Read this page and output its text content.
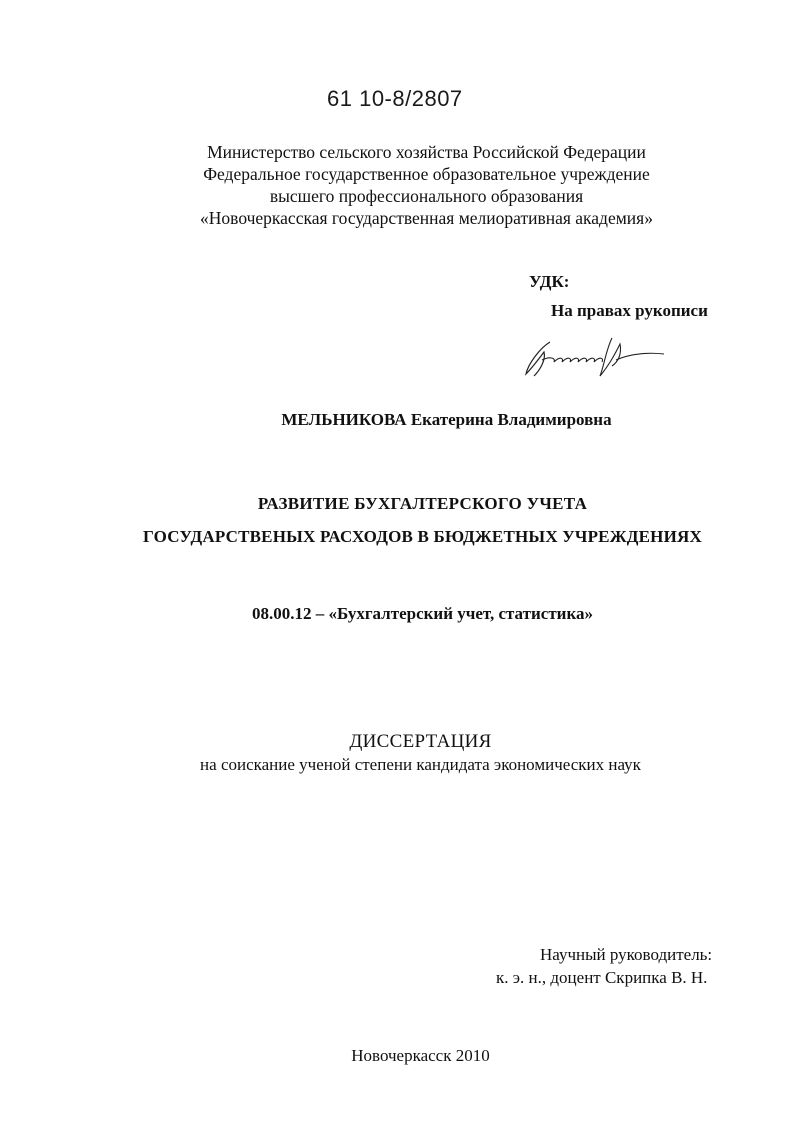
61 10-8/2807
Министерство сельского хозяйства Российской Федерации
Федеральное государственное образовательное учреждение
высшего профессионального образования
«Новочеркасская государственная мелиоративная академия»
УДК:
На правах рукописи
МЕЛЬНИКОВА Екатерина Владимировна
РАЗВИТИЕ БУХГАЛТЕРСКОГО УЧЕТА
ГОСУДАРСТВЕНЫХ РАСХОДОВ В БЮДЖЕТНЫХ УЧРЕЖДЕНИЯХ
08.00.12 – «Бухгалтерский учет, статистика»
ДИССЕРТАЦИЯ
на соискание ученой степени кандидата экономических наук
Научный руководитель:
к. э. н., доцент Скрипка В. Н.
Новочеркасск 2010
